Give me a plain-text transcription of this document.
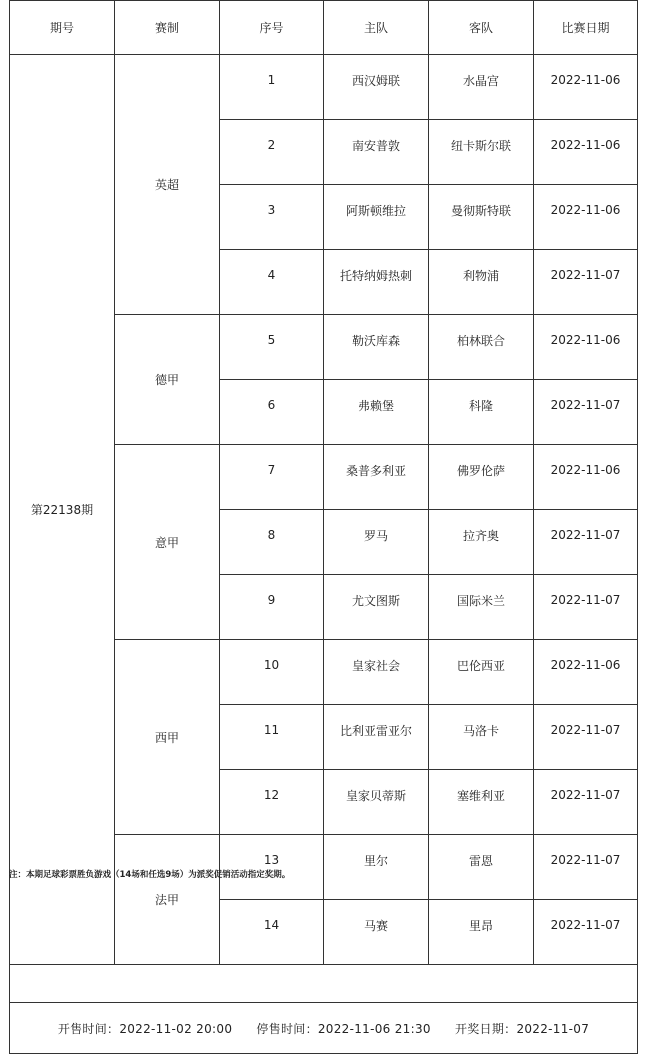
期号	赛制	序号	主队	客队	比赛日期
第22138期	英超	1	西汉姆联	水晶宫	2022-11-06
		2	南安普敦	纽卡斯尔联	2022-11-06
		3	阿斯顿维拉	曼彻斯特联	2022-11-06
		4	托特纳姆热刺	利物浦	2022-11-07
	德甲	5	勒沃库森	柏林联合	2022-11-06
		6	弗赖堡	科隆	2022-11-07
	意甲	7	桑普多利亚	佛罗伦萨	2022-11-06
		8	罗马	拉齐奥	2022-11-07
		9	尤文图斯	国际米兰	2022-11-07
	西甲	10	皇家社会	巴伦西亚	2022-11-06
		11	比利亚雷亚尔	马洛卡	2022-11-07
		12	皇家贝蒂斯	塞维利亚	2022-11-07
	法甲	13	里尔	雷恩	2022-11-07
		14	马赛	里昂	2022-11-07

开售时间：2022-11-02 20:00 停售时间：2022-11-06 21:30 开奖日期：2022-11-07					
注：本期足球彩票胜负游戏（14场和任选9场）为派奖促销活动指定奖期。
